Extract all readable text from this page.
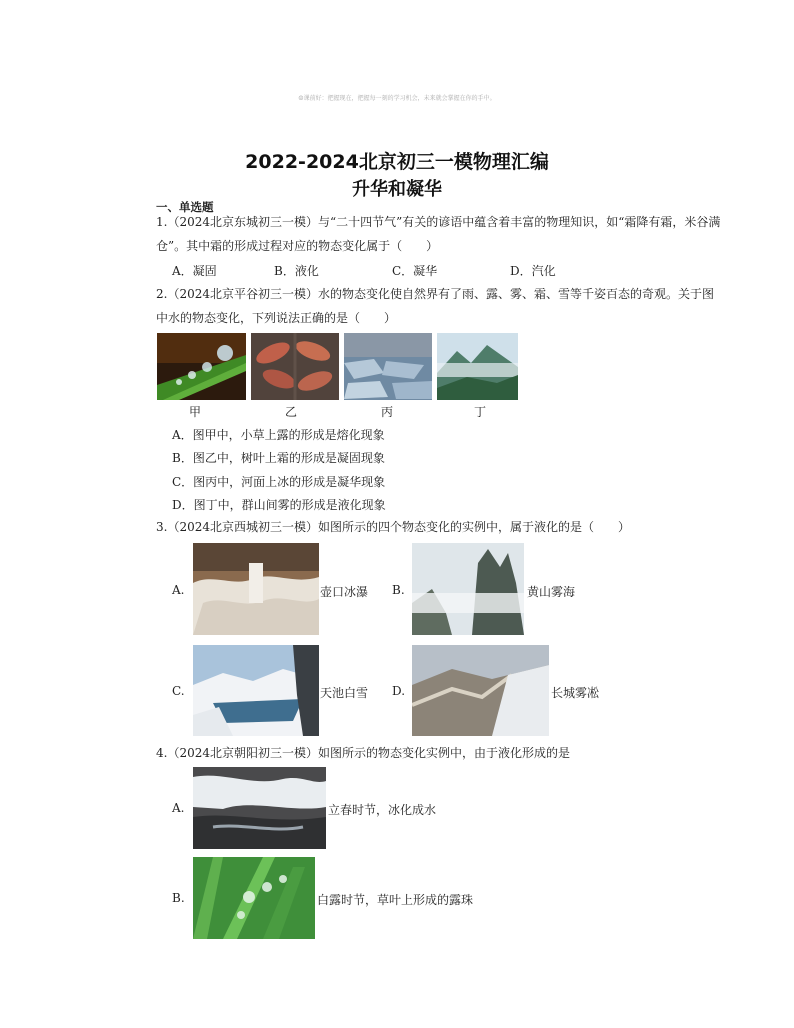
☺课前好：把握现在，把握每一刻的学习机会，未来就会掌握在你的手中。
2022-2024北京初三一模物理汇编
升华和凝华
一、单选题
1.（2024北京东城初三一模）与“二十四节气”有关的谚语中蕴含着丰富的物理知识，如“霜降有霜，米谷满
仓”。其中霜的形成过程对应的物态变化属于（　　）
A．凝固	B．液化	C．凝华	D．汽化
2.（2024北京平谷初三一模）水的物态变化使自然界有了雨、露、雾、霜、雪等千姿百态的奇观。关于图
中水的物态变化，下列说法正确的是（　　）
甲	乙	丙	丁
A．图甲中，小草上露的形成是熔化现象
B．图乙中，树叶上霜的形成是凝固现象
C．图丙中，河面上冰的形成是凝华现象
D．图丁中，群山间雾的形成是液化现象
3.（2024北京西城初三一模）如图所示的四个物态变化的实例中，属于液化的是（　　）
A.	壶口冰瀑 B.	黄山雾海
C.	天池白雪 D.	长城雾凇
4.（2024北京朝阳初三一模）如图所示的物态变化实例中，由于液化形成的是
A.	立春时节，冰化成水
B.	白露时节，草叶上形成的露珠
